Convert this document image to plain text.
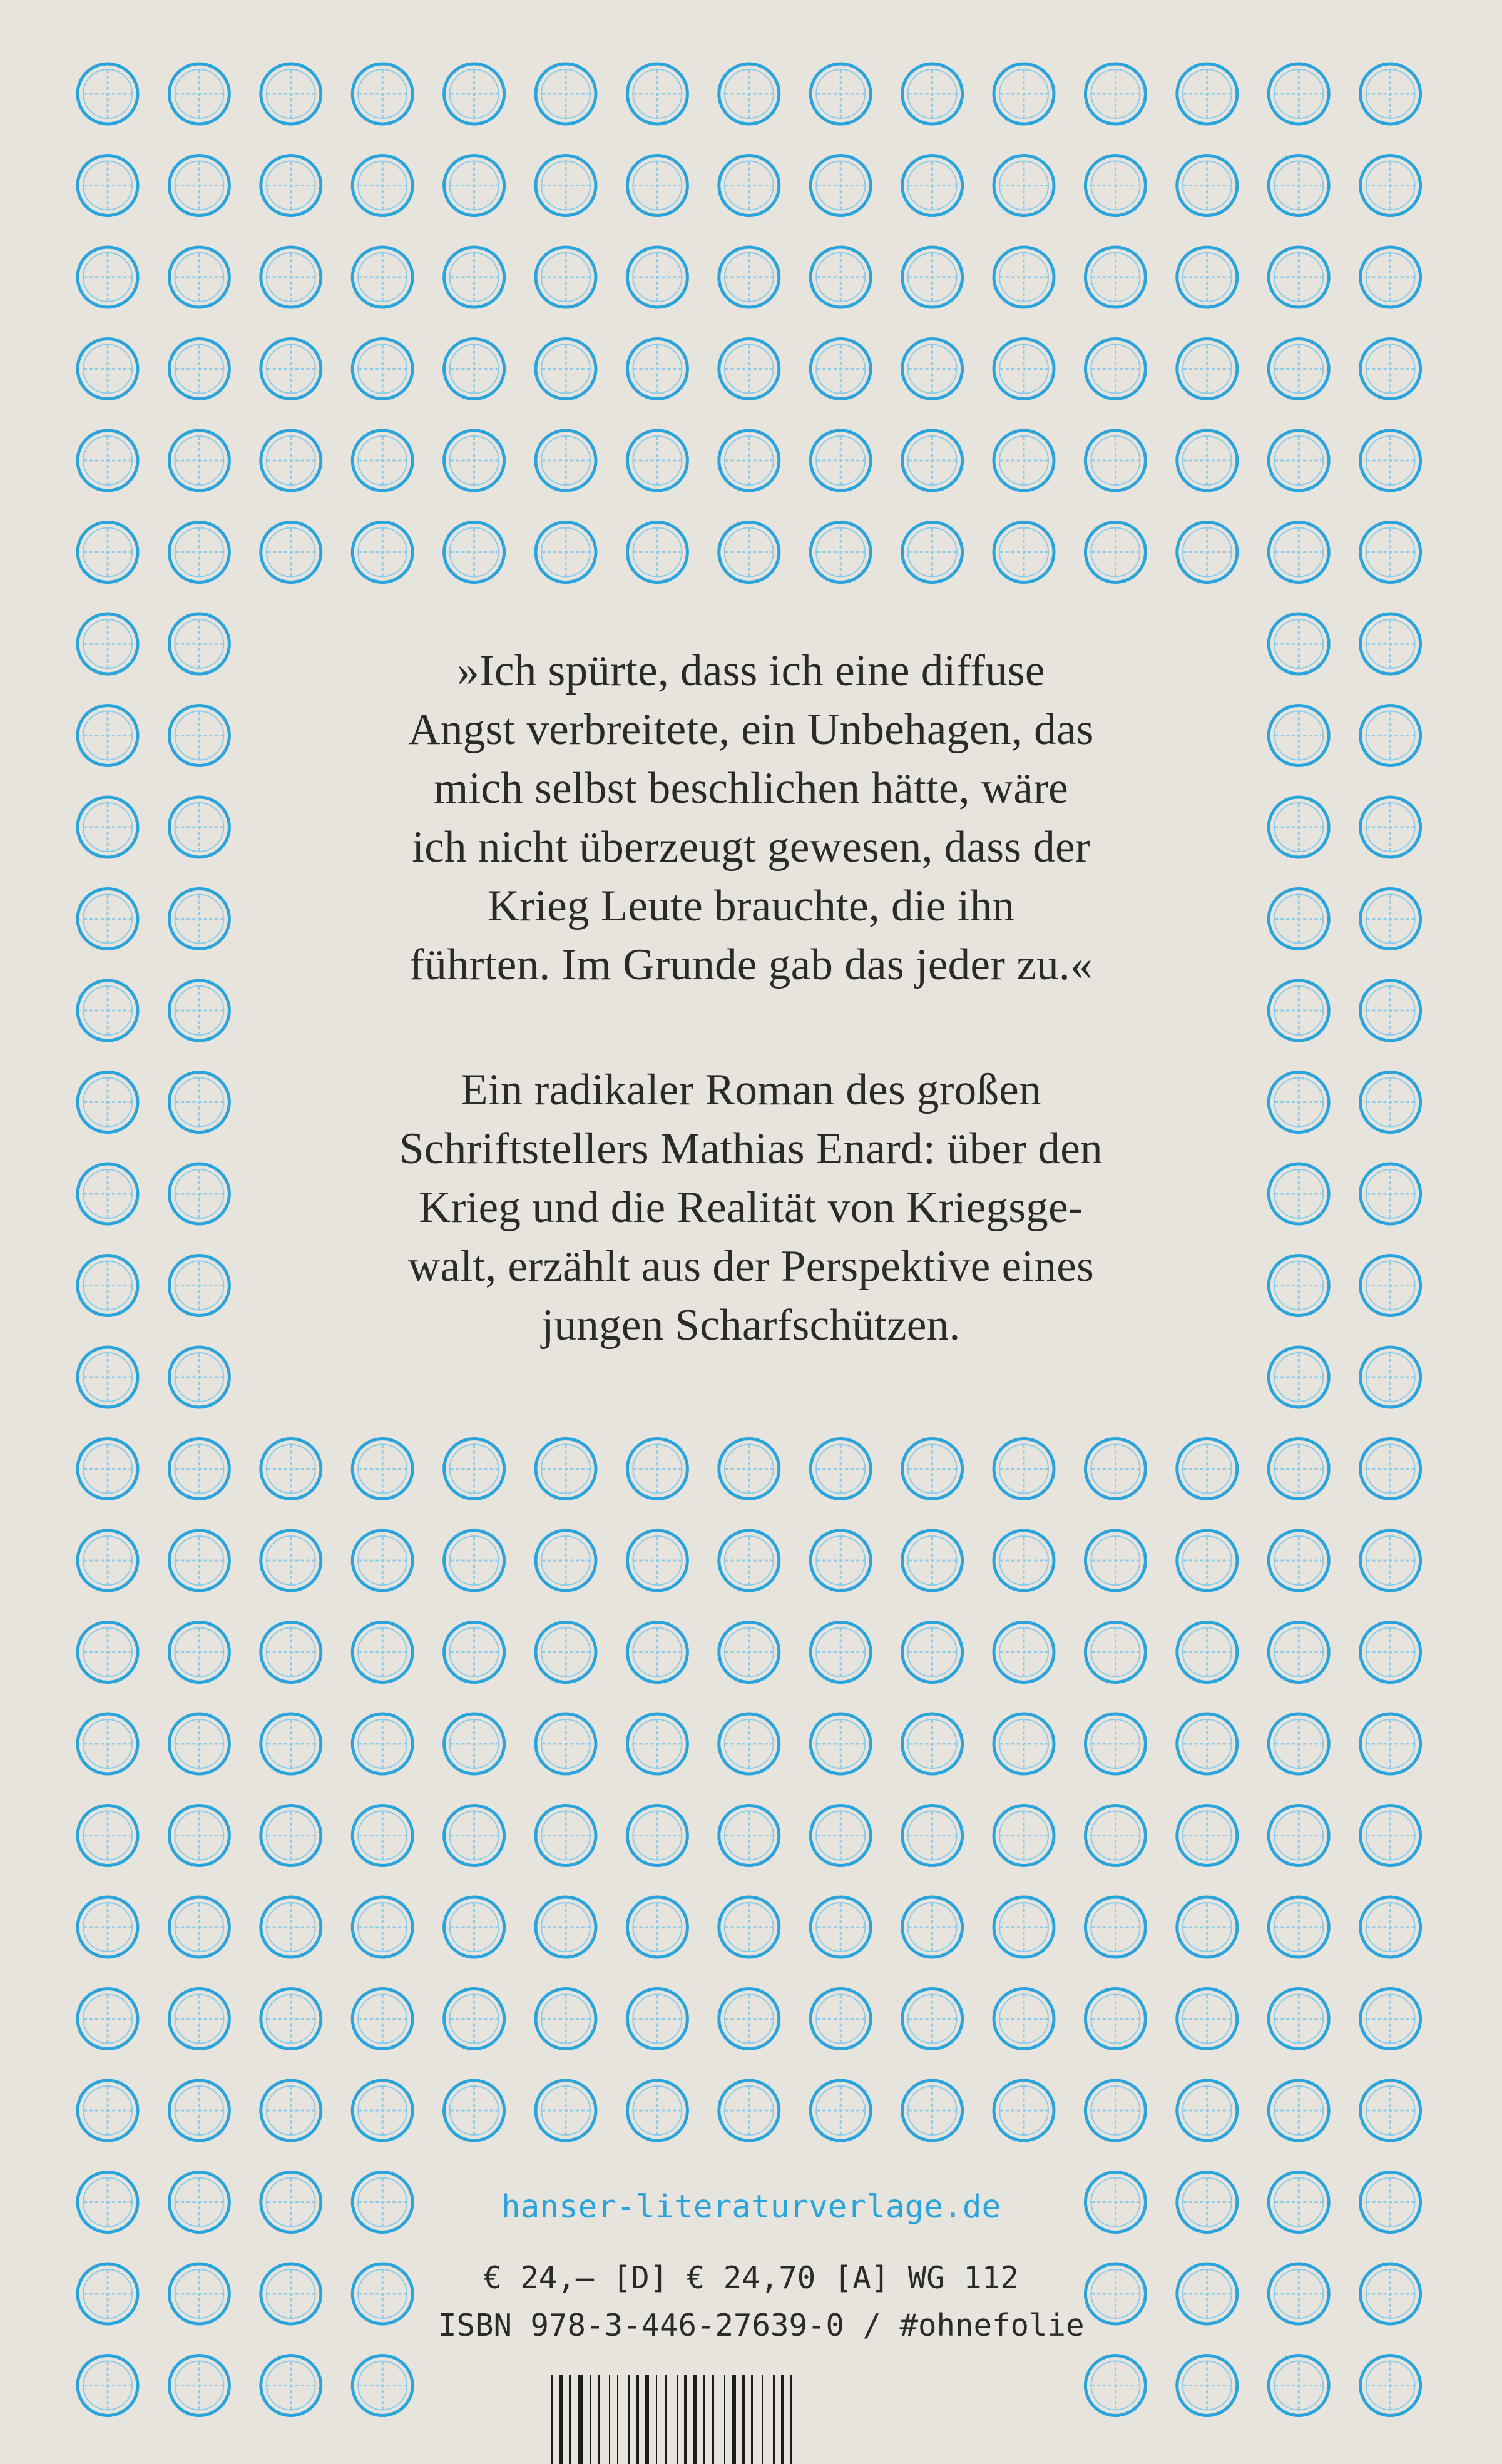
»Ich spürte, dass ich eine diffuse
Angst verbreitete, ein Unbehagen, das
mich selbst beschlichen hätte, wäre
ich nicht überzeugt gewesen, dass der
Krieg Leute brauchte, die ihn
führten. Im Grunde gab das jeder zu.«
Ein radikaler Roman des großen
Schriftstellers Mathias Enard: über den
Krieg und die Realität von Kriegsge-
walt, erzählt aus der Perspektive eines
jungen Scharfschützen.
hanser-literaturverlage.de
€ 24,– [D] € 24,70 [A] WG 112
ISBN 978-3-446-27639-0 / #ohnefolie
